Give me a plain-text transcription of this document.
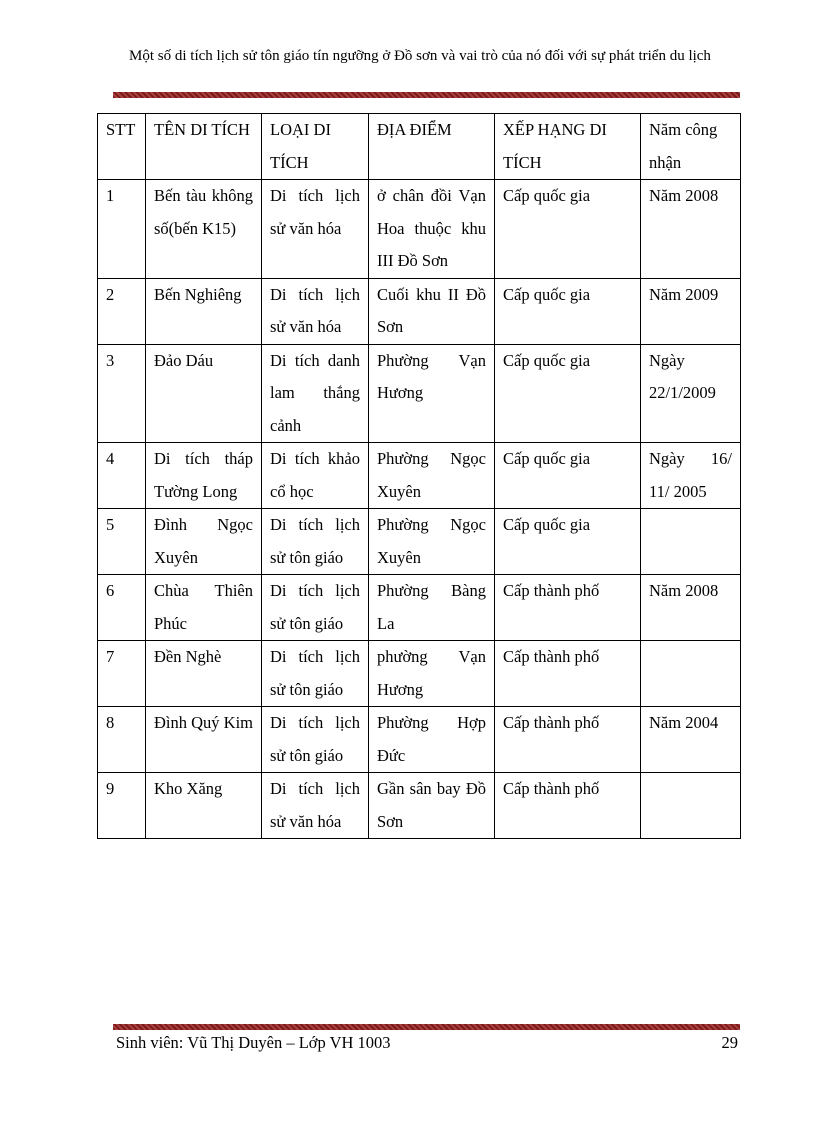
Một số di tích lịch sử tôn giáo tín ngưỡng ở Đồ sơn và vai trò của nó đối với sự phát triển du lịch
STT	TÊN DI TÍCH	LOẠI DI TÍCH	ĐỊA ĐIỂM	XẾP HẠNG DI TÍCH	Năm công nhận
1	Bến tàu không số(bến K15)	Di tích lịch sử văn hóa	ở chân đồi Vạn Hoa thuộc khu III Đồ Sơn	Cấp quốc gia	Năm 2008
2	Bến Nghiêng	Di tích lịch sử văn hóa	Cuối khu II Đồ Sơn	Cấp quốc gia	Năm 2009
3	Đảo Dáu	Di tích danh lam thắng cảnh	Phường Vạn Hương	Cấp quốc gia	Ngày 22/1/2009
4	Di tích tháp Tường Long	Di tích khảo cổ học	Phường Ngọc Xuyên	Cấp quốc gia	Ngày 16/ 11/ 2005
5	Đình Ngọc Xuyên	Di tích lịch sử tôn giáo	Phường Ngọc Xuyên	Cấp quốc gia	
6	Chùa Thiên Phúc	Di tích lịch sử tôn giáo	Phường Bàng La	Cấp thành phố	Năm 2008
7	Đền Nghè	Di tích lịch sử tôn giáo	phường Vạn Hương	Cấp thành phố	
8	Đình Quý Kim	Di tích lịch sử tôn giáo	Phường Hợp Đức	Cấp thành phố	Năm 2004
9	Kho Xăng	Di tích lịch sử văn hóa	Gần sân bay Đồ Sơn	Cấp thành phố	
Sinh viên: Vũ Thị Duyên – Lớp VH 1003	29
